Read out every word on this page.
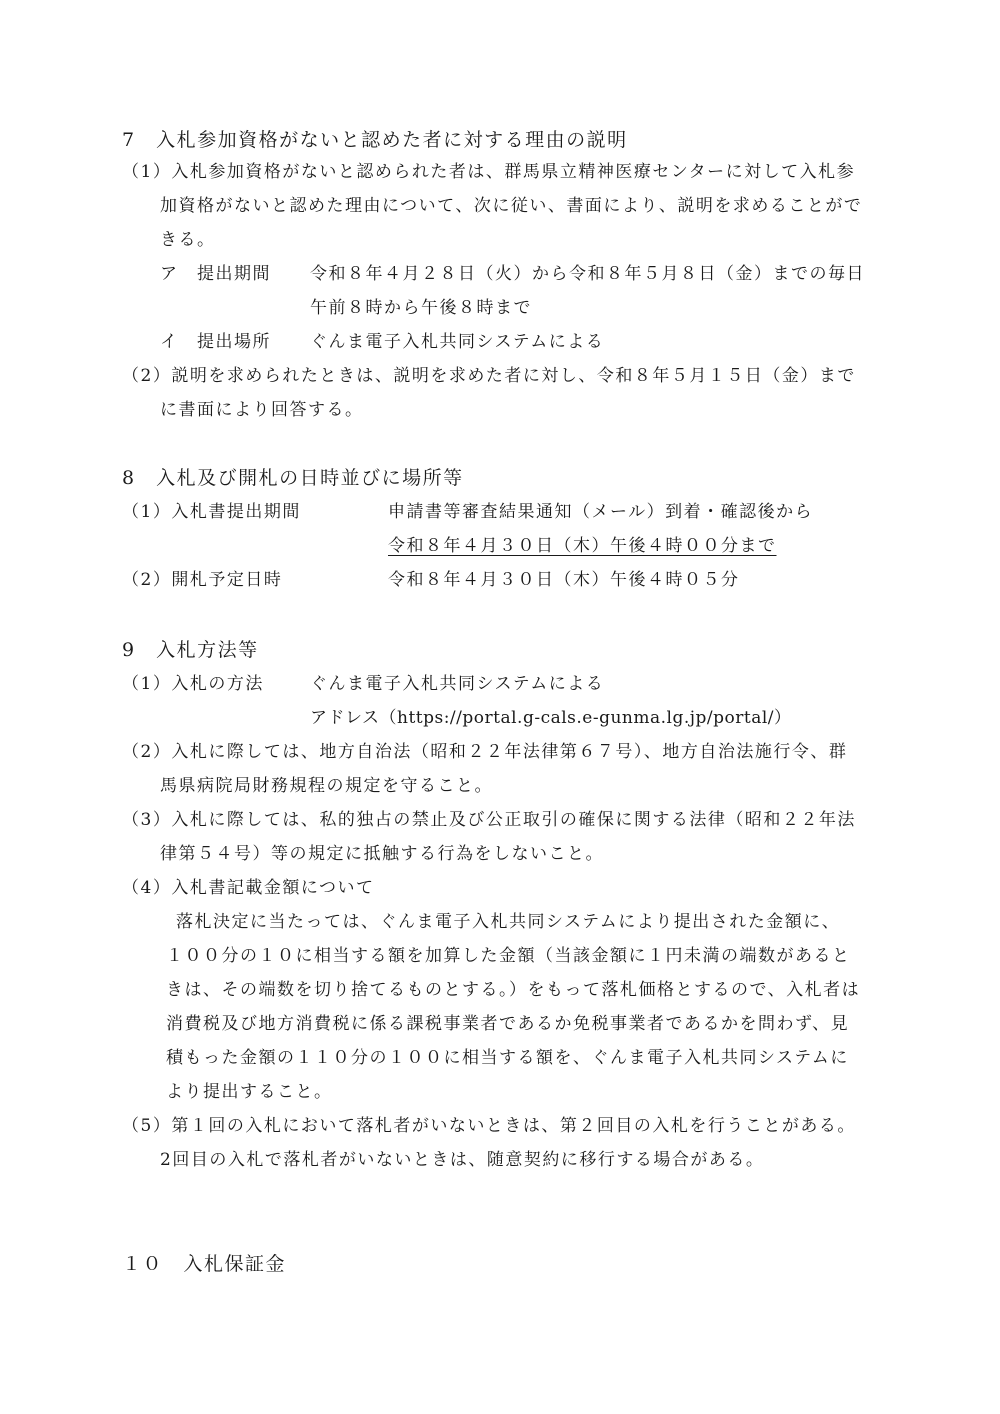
7　入札参加資格がないと認めた者に対する理由の説明
（1）入札参加資格がないと認められた者は、群馬県立精神医療センターに対して入札参
加資格がないと認めた理由について、次に従い、書面により、説明を求めることがで
きる。
ア　提出期間 令和８年４月２８日（火）から令和８年５月８日（金）までの毎日
午前８時から午後８時まで
イ　提出場所 ぐんま電子入札共同システムによる
（2）説明を求められたときは、説明を求めた者に対し、令和８年５月１５日（金）まで
に書面により回答する。
8　入札及び開札の日時並びに場所等
（1）入札書提出期間	申請書等審査結果通知（メール）到着・確認後から
令和８年４月３０日（木）午後４時００分まで
（2）開札予定日時	令和８年４月３０日（木）午後４時０５分
9　入札方法等
（1）入札の方法	ぐんま電子入札共同システムによる
アドレス（https://portal.g-cals.e-gunma.lg.jp/portal/）
（2）入札に際しては、地方自治法（昭和２２年法律第６７号）、地方自治法施行令、群
馬県病院局財務規程の規定を守ること。
（3）入札に際しては、私的独占の禁止及び公正取引の確保に関する法律（昭和２２年法
律第５４号）等の規定に抵触する行為をしないこと。
（4）入札書記載金額について
落札決定に当たっては、ぐんま電子入札共同システムにより提出された金額に、
１００分の１０に相当する額を加算した金額（当該金額に１円未満の端数があると
きは、その端数を切り捨てるものとする。）をもって落札価格とするので、入札者は
消費税及び地方消費税に係る課税事業者であるか免税事業者であるかを問わず、見
積もった金額の１１０分の１００に相当する額を、ぐんま電子入札共同システムに
より提出すること。
（5）第１回の入札において落札者がいないときは、第２回目の入札を行うことがある。
2回目の入札で落札者がいないときは、随意契約に移行する場合がある。
１０　入札保証金
